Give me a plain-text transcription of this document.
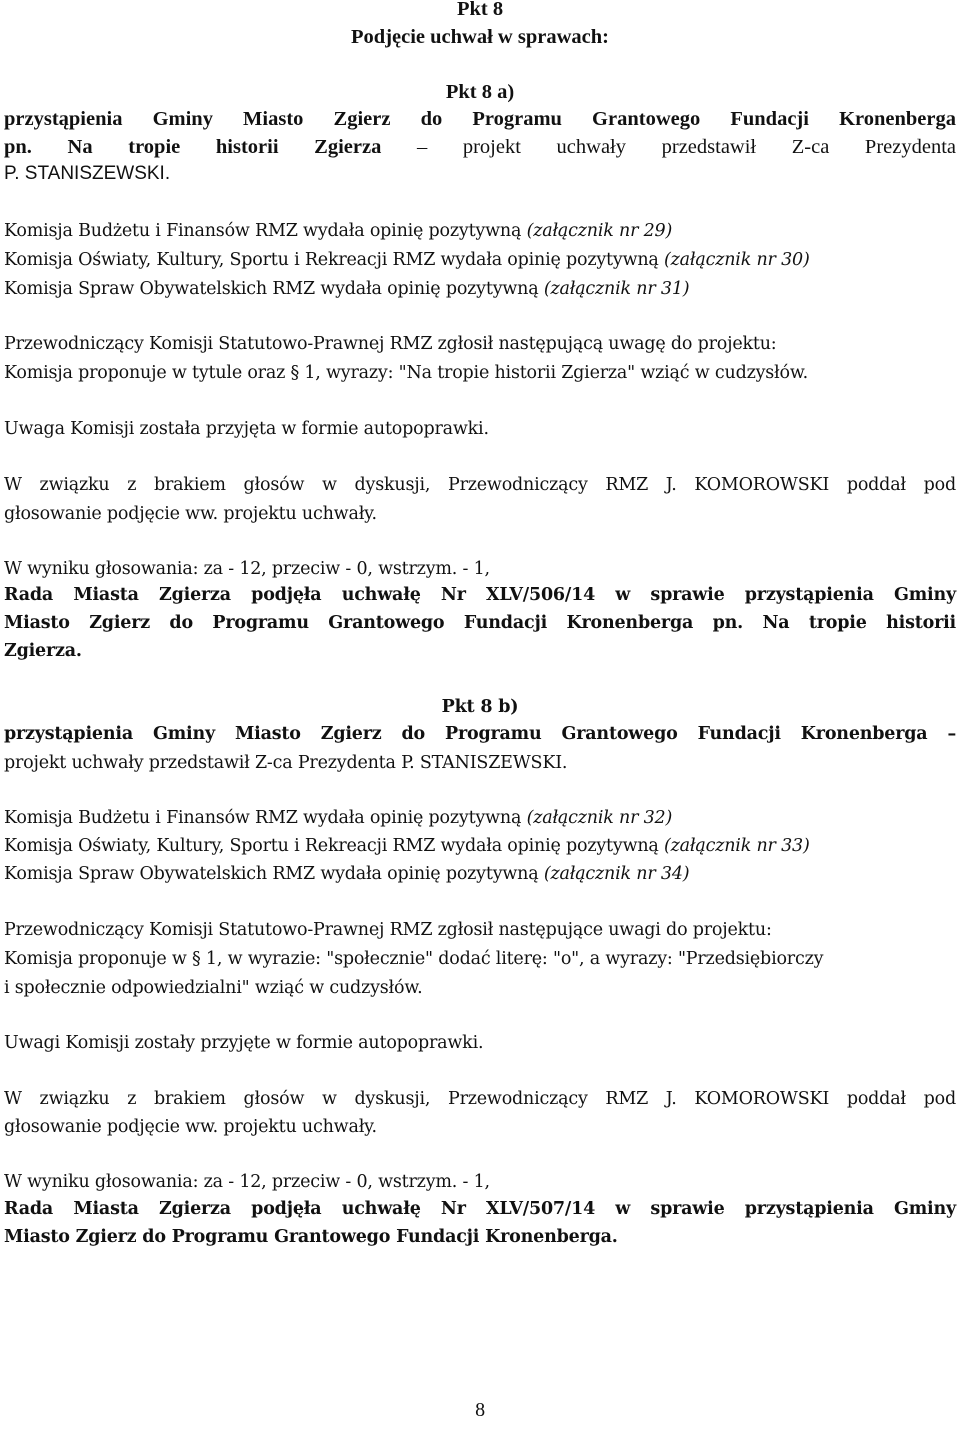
Pkt 8
Podjęcie uchwał w sprawach:
Pkt 8 a)
przystąpienia Gminy Miasto Zgierz do Programu Grantowego Fundacji Kronenberga
pn. Na tropie historii Zgierza – projekt uchwały przedstawił Z-ca Prezydenta
P. STANISZEWSKI.
Komisja Budżetu i Finansów RMZ wydała opinię pozytywną (załącznik nr 29)
Komisja Oświaty, Kultury, Sportu i Rekreacji RMZ wydała opinię pozytywną (załącznik nr 30)
Komisja Spraw Obywatelskich RMZ wydała opinię pozytywną (załącznik nr 31)
Przewodniczący Komisji Statutowo-Prawnej RMZ zgłosił następującą uwagę do projektu:
Komisja proponuje w tytule oraz § 1, wyrazy: "Na tropie historii Zgierza" wziąć w cudzysłów.
Uwaga Komisji została przyjęta w formie autopoprawki.
W związku z brakiem głosów w dyskusji, Przewodniczący RMZ J. KOMOROWSKI poddał pod
głosowanie podjęcie ww. projektu uchwały.
W wyniku głosowania: za - 12, przeciw - 0, wstrzym. - 1,
Rada Miasta Zgierza podjęła uchwałę Nr XLV/506/14 w sprawie przystąpienia Gminy
Miasto Zgierz do Programu Grantowego Fundacji Kronenberga pn. Na tropie historii
Zgierza.
Pkt 8 b)
przystąpienia Gminy Miasto Zgierz do Programu Grantowego Fundacji Kronenberga –
projekt uchwały przedstawił Z-ca Prezydenta P. STANISZEWSKI.
Komisja Budżetu i Finansów RMZ wydała opinię pozytywną (załącznik nr 32)
Komisja Oświaty, Kultury, Sportu i Rekreacji RMZ wydała opinię pozytywną (załącznik nr 33)
Komisja Spraw Obywatelskich RMZ wydała opinię pozytywną (załącznik nr 34)
Przewodniczący Komisji Statutowo-Prawnej RMZ zgłosił następujące uwagi do projektu:
Komisja proponuje w § 1, w wyrazie: "społecznie" dodać literę: "o", a wyrazy: "Przedsiębiorczy
i społecznie odpowiedzialni" wziąć w cudzysłów.
Uwagi Komisji zostały przyjęte w formie autopoprawki.
W związku z brakiem głosów w dyskusji, Przewodniczący RMZ J. KOMOROWSKI poddał pod
głosowanie podjęcie ww. projektu uchwały.
W wyniku głosowania: za - 12, przeciw - 0, wstrzym. - 1,
Rada Miasta Zgierza podjęła uchwałę Nr XLV/507/14 w sprawie przystąpienia Gminy
Miasto Zgierz do Programu Grantowego Fundacji Kronenberga.
8
